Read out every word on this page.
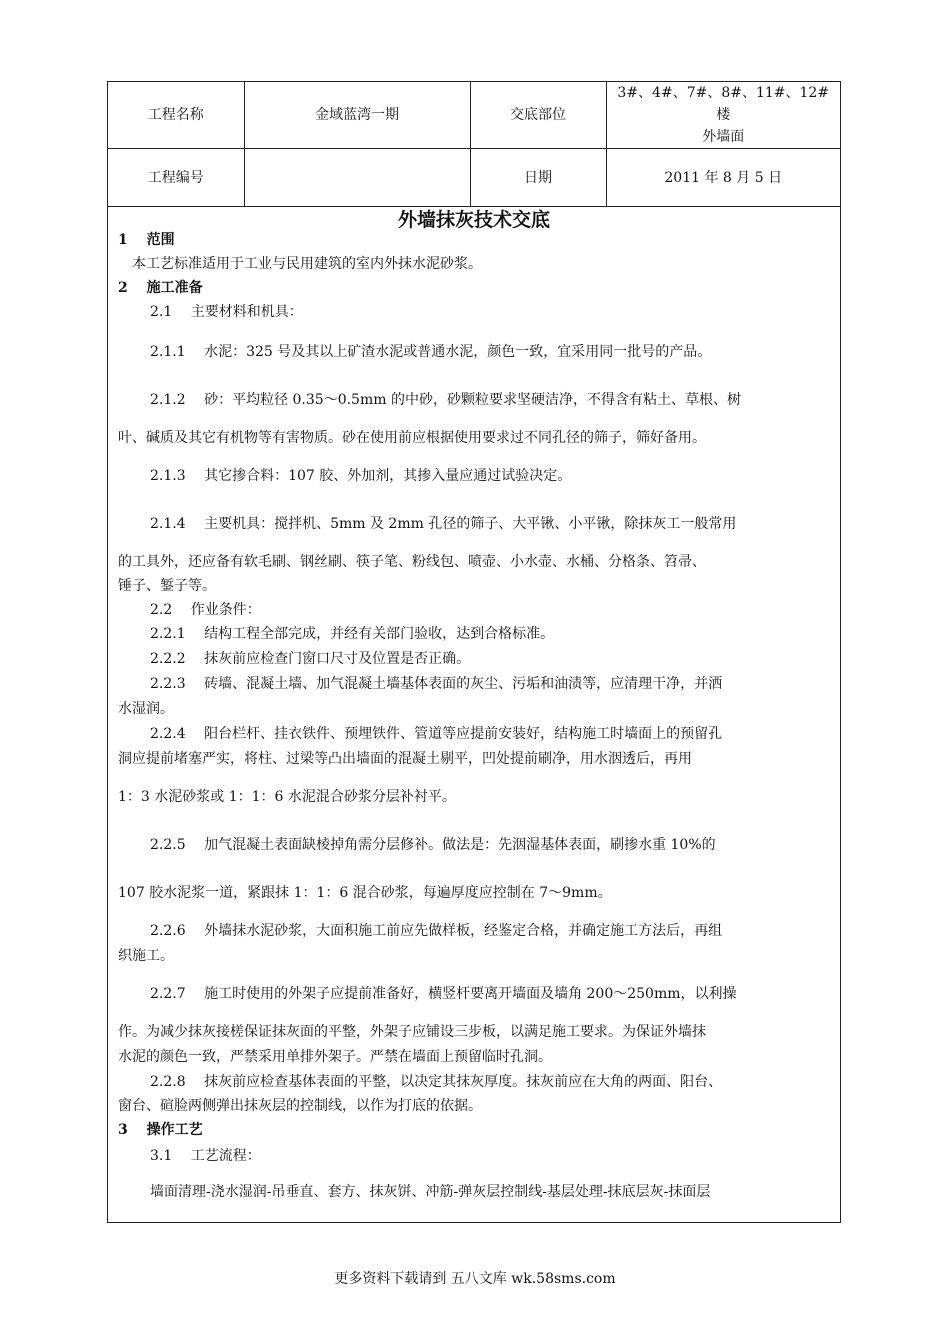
工程名称	金域蓝湾一期	交底部位	3#、4#、7#、8#、11#、12#楼
外墙面

工程编号		日期	2011 年 8 月 5 日
外墙抹灰技术交底
1　 范围
本工艺标准适用于工业与民用建筑的室内外抹水泥砂浆。
2　 施工准备
2.1　 主要材料和机具：
2.1.1　 水泥：325 号及其以上矿渣水泥或普通水泥，颜色一致，宜采用同一批号的产品。
2.1.2　 砂：平均粒径 0.35～0.5mm 的中砂，砂颗粒要求坚硬洁净，不得含有粘土、草根、树
叶、碱质及其它有机物等有害物质。砂在使用前应根据使用要求过不同孔径的筛子，筛好备用。
2.1.3　 其它掺合料：107 胶、外加剂，其掺入量应通过试验决定。
2.1.4　 主要机具：搅拌机、5mm 及 2mm 孔径的筛子、大平锹、小平锹，除抹灰工一般常用
的工具外，还应备有软毛刷、钢丝刷、筷子笔、粉线包、喷壶、小水壶、水桶、分格条、笤帚、
锤子、錾子等。
2.2　 作业条件：
2.2.1　 结构工程全部完成，并经有关部门验收，达到合格标准。
2.2.2　 抹灰前应检查门窗口尺寸及位置是否正确。
2.2.3　 砖墙、混凝土墙、加气混凝土墙基体表面的灰尘、污垢和油渍等，应清理干净，并洒
水湿润。
2.2.4　 阳台栏杆、挂衣铁件、预埋铁件、管道等应提前安装好，结构施工时墙面上的预留孔
洞应提前堵塞严实，将柱、过梁等凸出墙面的混凝土剔平，凹处提前刷净，用水洇透后，再用
1：3 水泥砂浆或 1：1：6 水泥混合砂浆分层补衬平。
2.2.5　 加气混凝土表面缺棱掉角需分层修补。做法是：先洇湿基体表面，刷掺水重 10%的
107 胶水泥浆一道，紧跟抹 1：1：6 混合砂浆，每遍厚度应控制在 7～9mm。
2.2.6　 外墙抹水泥砂浆，大面积施工前应先做样板，经鉴定合格，并确定施工方法后，再组
织施工。
2.2.7　 施工时使用的外架子应提前准备好，横竖杆要离开墙面及墙角 200～250mm，以利操
作。为减少抹灰接槎保证抹灰面的平整，外架子应铺设三步板，以满足施工要求。为保证外墙抹
水泥的颜色一致，严禁采用单排外架子。严禁在墙面上预留临时孔洞。
2.2.8　 抹灰前应检查基体表面的平整，以决定其抹灰厚度。抹灰前应在大角的两面、阳台、
窗台、碹脸两侧弹出抹灰层的控制线，以作为打底的依据。
3　 操作工艺
3.1　 工艺流程：
墙面清理-浇水湿润-吊垂直、套方、抹灰饼、冲筋-弹灰层控制线-基层处理-抹底层灰-抹面层
更多资料下载请到 五八文库 wk.58sms.com
